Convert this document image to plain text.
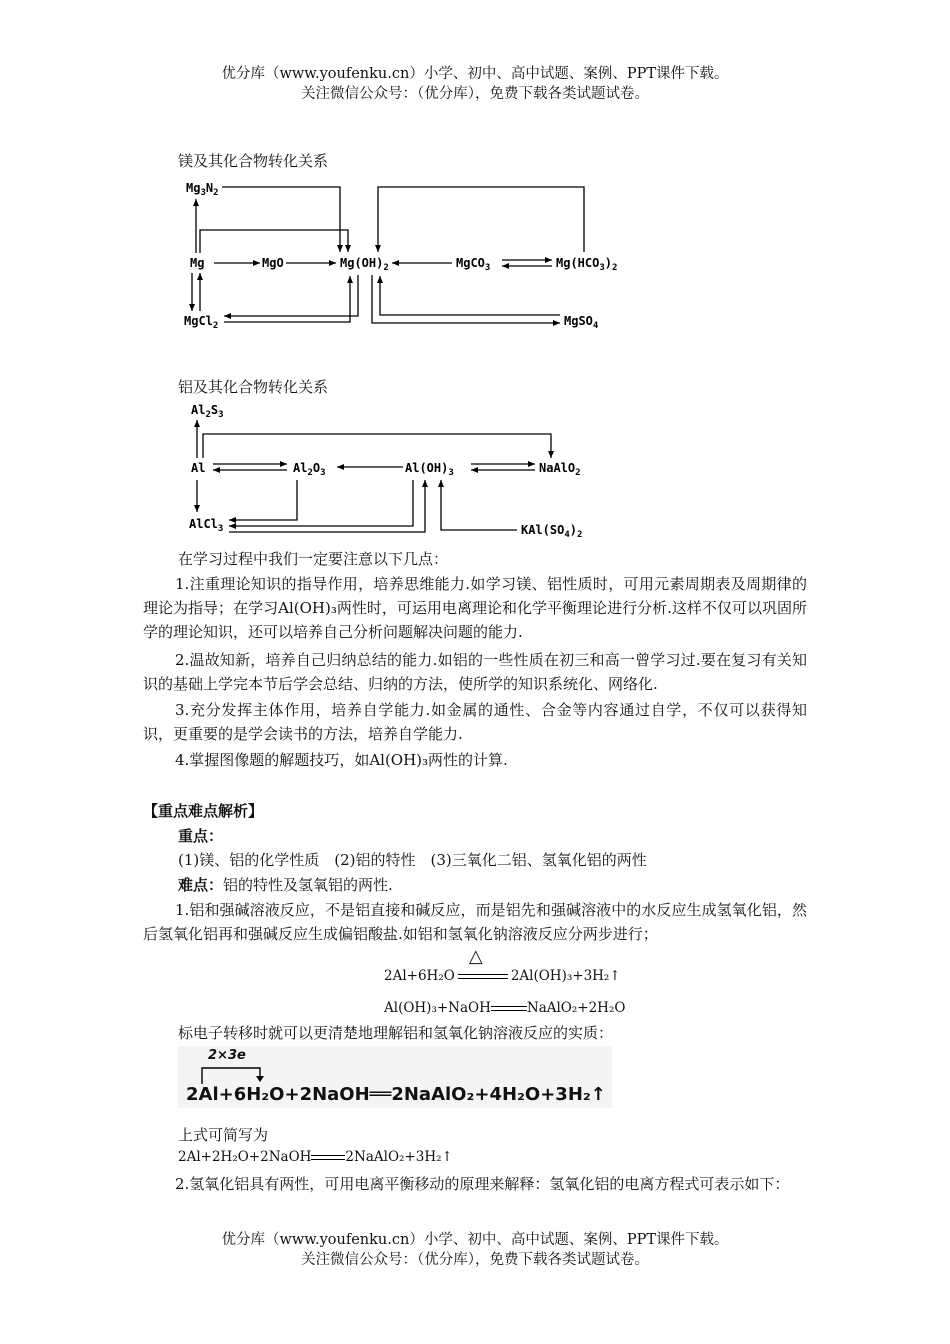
优分库（www.youfenku.cn）小学、初中、高中试题、案例、PPT课件下载。
关注微信公众号：（优分库），免费下载各类试题试卷。
镁及其化合物转化关系
$Mg_3N_2$
Mg	MgO	$Mg(OH)_2$	MgCO$_3$	$Mg(HCO_3)_2$
MgCl$_2$	MgSO$_4$
铝及其化合物转化关系
$Al_2S_3$
Al	$Al_2O_3$	$Al(OH)_3$	NaAlO$_2$
AlCl$_3$	$KAl(SO_4)_2$
在学习过程中我们一定要注意以下几点：
1.注重理论知识的指导作用，培养思维能力.如学习镁、铝性质时，可用元素周期表及周期律的理论为指导；在学习Al(OH)₃两性时，可运用电离理论和化学平衡理论进行分析.这样不仅可以巩固所学的理论知识，还可以培养自己分析问题解决问题的能力.
2.温故知新，培养自己归纳总结的能力.如铝的一些性质在初三和高一曾学习过.要在复习有关知识的基础上学完本节后学会总结、归纳的方法，使所学的知识系统化、网络化.
3.充分发挥主体作用，培养自学能力.如金属的通性、合金等内容通过自学，不仅可以获得知识，更重要的是学会读书的方法，培养自学能力.
4.掌握图像题的解题技巧，如Al(OH)₃两性的计算.
【重点难点解析】
重点：
(1)镁、铝的化学性质　(2)铝的特性　(3)三氧化二铝、氢氧化铝的两性
难点：铝的特性及氢氧铝的两性.
1.铝和强碱溶液反应，不是铝直接和碱反应，而是铝先和强碱溶液中的水反应生成氢氧化铝，然后氢氧化铝再和强碱反应生成偏铝酸盐.如铝和氢氧化钠溶液反应分两步进行；
2Al+6H₂O
△
2Al(OH)₃+3H₂↑
Al(OH)₃+NaOH	NaAlO₂+2H₂O
标电子转移时就可以更清楚地理解铝和氢氧化钠溶液反应的实质：
2×3e
2Al+6H₂O+2NaOH══2NaAlO₂+4H₂O+3H₂↑
上式可简写为
2Al+2H₂O+2NaOH	2NaAlO₂+3H₂↑
2.氢氧化铝具有两性，可用电离平衡移动的原理来解释：氢氧化铝的电离方程式可表示如下：
优分库（www.youfenku.cn）小学、初中、高中试题、案例、PPT课件下载。
关注微信公众号：（优分库），免费下载各类试题试卷。
